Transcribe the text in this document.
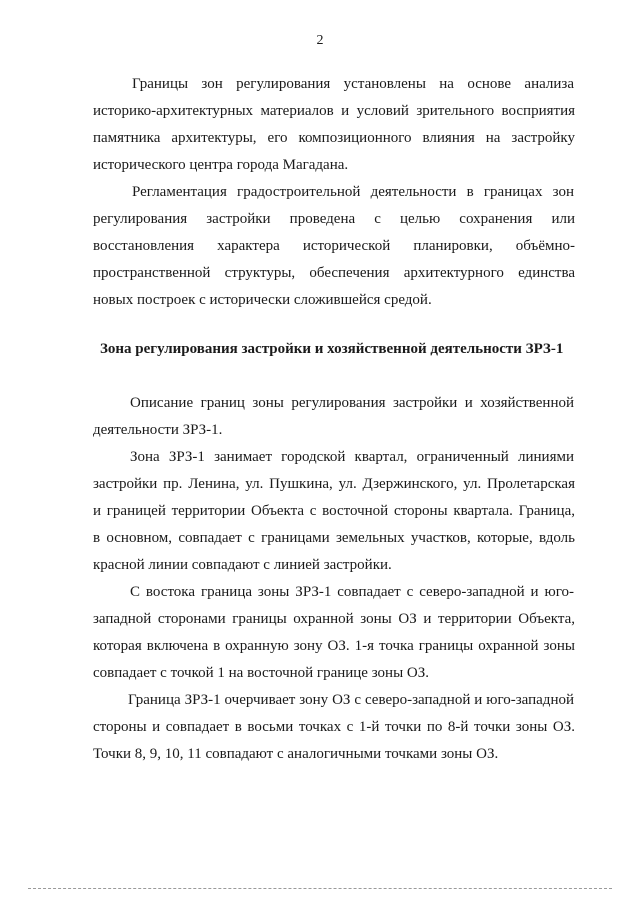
2
Границы зон регулирования установлены на основе анализа
историко-архитектурных материалов и условий зрительного восприятия
памятника архитектуры, его композиционного влияния на застройку
исторического центра города Магадана.
Регламентация градостроительной деятельности в границах зон
регулирования застройки проведена с целью сохранения или
восстановления характера исторической планировки, объёмно-
пространственной структуры, обеспечения архитектурного единства
новых построек с исторически сложившейся средой.
Зона регулирования застройки и хозяйственной деятельности ЗРЗ-1
Описание границ зоны регулирования застройки и хозяйственной
деятельности ЗРЗ-1.
Зона ЗРЗ-1 занимает городской квартал, ограниченный линиями
застройки пр. Ленина, ул. Пушкина, ул. Дзержинского, ул. Пролетарская
и границей территории Объекта с восточной стороны квартала. Граница,
в основном, совпадает с границами земельных участков, которые, вдоль
красной линии совпадают с линией застройки.
С востока граница зоны ЗРЗ-1 совпадает с северо-западной и юго-
западной сторонами границы охранной зоны ОЗ и территории Объекта,
которая включена в охранную зону ОЗ. 1-я точка границы охранной зоны
совпадает с точкой 1 на восточной границе зоны ОЗ.
Граница ЗРЗ-1 очерчивает зону ОЗ с северо-западной и юго-западной
стороны и совпадает в восьми точках с 1-й точки по 8-й точки зоны ОЗ.
Точки 8, 9, 10, 11 совпадают с аналогичными точками зоны ОЗ.
